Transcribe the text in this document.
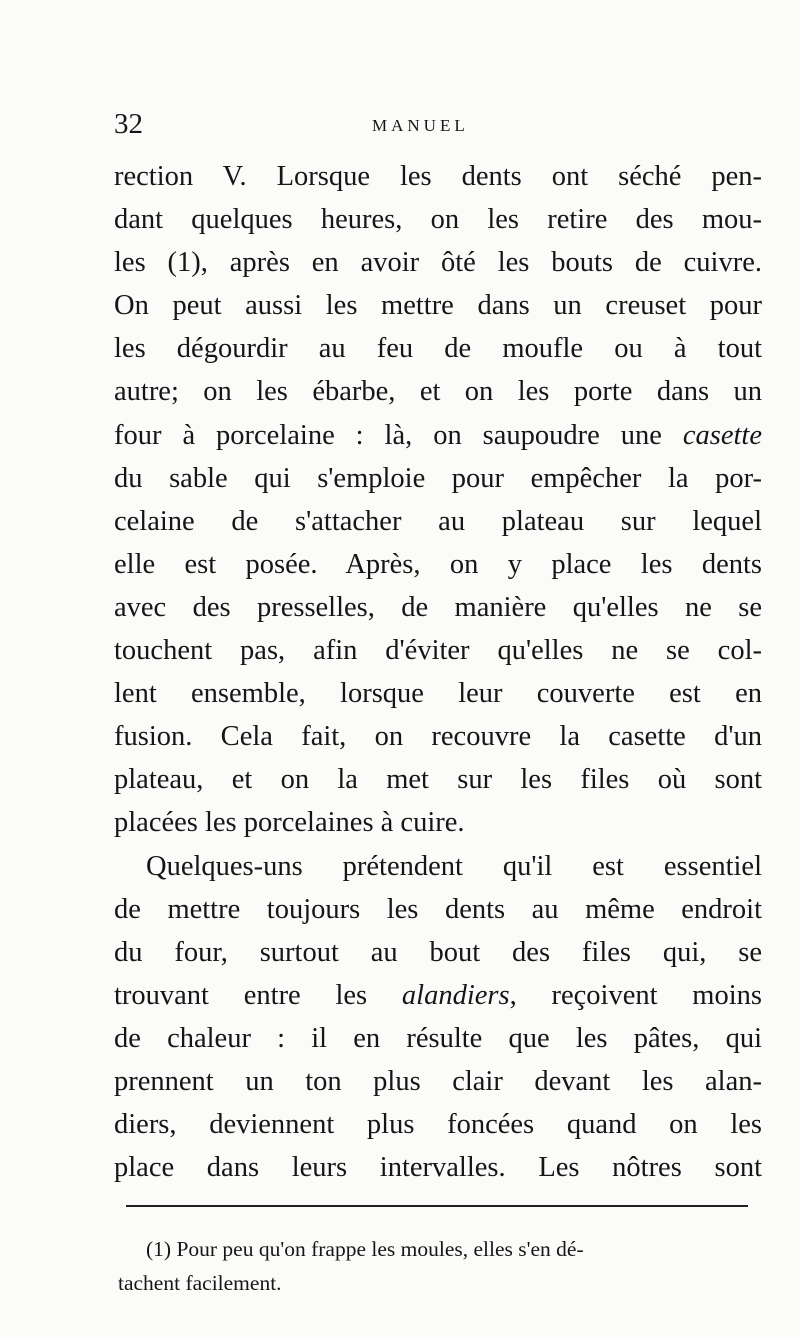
32	MANUEL
rection V. Lorsque les dents ont séché pen-
dant quelques heures, on les retire des mou-
les (1), après en avoir ôté les bouts de cuivre.
On peut aussi les mettre dans un creuset pour
les dégourdir au feu de moufle ou à tout
autre; on les ébarbe, et on les porte dans un
four à porcelaine : là, on saupoudre une casette
du sable qui s'emploie pour empêcher la por-
celaine de s'attacher au plateau sur lequel
elle est posée. Après, on y place les dents
avec des presselles, de manière qu'elles ne se
touchent pas, afin d'éviter qu'elles ne se col-
lent ensemble, lorsque leur couverte est en
fusion. Cela fait, on recouvre la casette d'un
plateau, et on la met sur les files où sont
placées les porcelaines à cuire.
Quelques-uns prétendent qu'il est essentiel
de mettre toujours les dents au même endroit
du four, surtout au bout des files qui, se
trouvant entre les alandiers, reçoivent moins
de chaleur : il en résulte que les pâtes, qui
prennent un ton plus clair devant les alan-
diers, deviennent plus foncées quand on les
place dans leurs intervalles. Les nôtres sont
(1) Pour peu qu'on frappe les moules, elles s'en dé-
tachent facilement.
